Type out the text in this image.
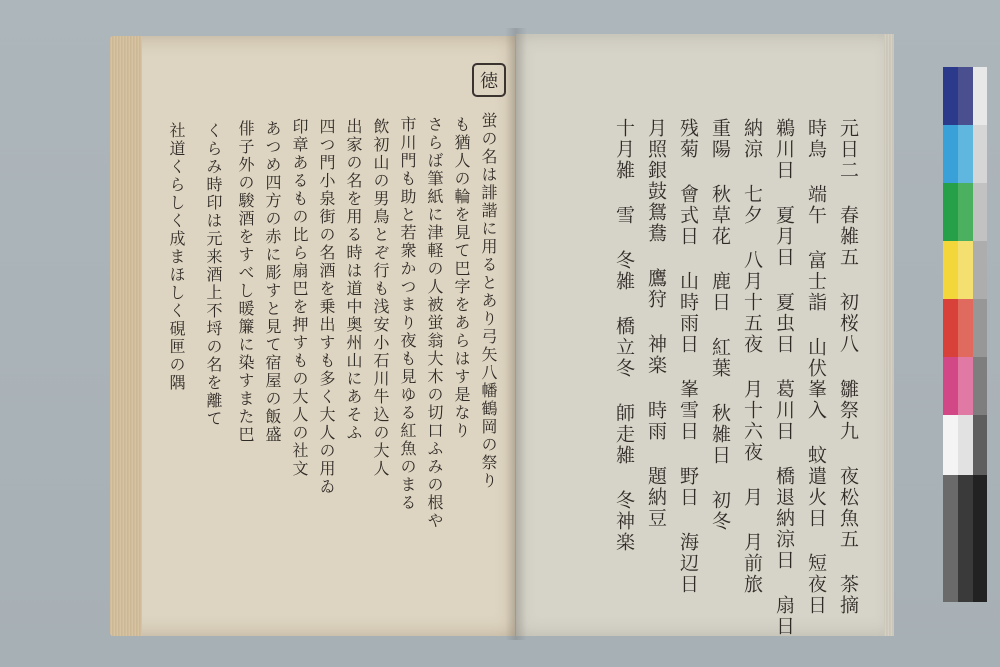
徳
蛍の名は誹諧に用るとあり弓矢八幡鶴岡の祭り
も猶人の輪を見て巴字をあらはす是なり
さらば筆紙に津軽の人被蛍翁大木の切口ふみの根や
市川門も助と若衆かつまり夜も見ゆる紅魚のまる
飲初山の男鳥とぞ行も浅安小石川牛込の大人
出家の名を用る時は道中奥州山にあそふ
四つ門小泉街の名酒を乗出すも多く大人の用ゐ
印章あるもの比ら扇巴を押すもの大人の社文
あつめ四方の赤に彫すと見て宿屋の飯盛
俳子外の駿酒をすべし暖簾に染すまた巴
くらみ時印は元来酒上不埒の名を離て
社道くらしく成まほしく硯匣の隅	元日二 春雑五 初桜八 雛祭九 夜松魚五 茶摘
時鳥 端午 富士詣 山伏峯入 蚊遣火日 短夜日
鵜川日 夏月日 夏虫日 葛川日 橋退納涼日 扇日
納涼 七夕 八月十五夜 月十六夜 月 月前旅
重陽 秋草花 鹿日 紅葉 秋雑日 初冬
残菊 會式日 山時雨日 峯雪日 野日 海辺日
月照銀鼓鴛鴦 鷹狩 神楽 時雨 題納豆
十月雑 雪 冬雑 橋立冬 師走雑 冬神楽
